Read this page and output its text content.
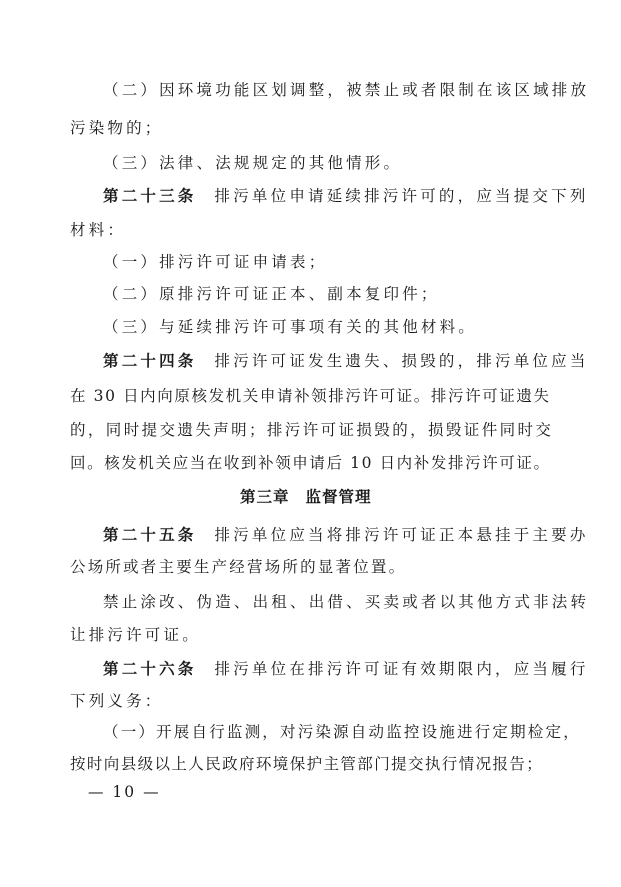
（二）因环境功能区划调整，被禁止或者限制在该区域排放
污染物的；
（三）法律、法规规定的其他情形。
第二十三条 排污单位申请延续排污许可的，应当提交下列
材料：
（一）排污许可证申请表；
（二）原排污许可证正本、副本复印件；
（三）与延续排污许可事项有关的其他材料。
第二十四条 排污许可证发生遗失、损毁的，排污单位应当
在 30 日内向原核发机关申请补领排污许可证。排污许可证遗失
的，同时提交遗失声明；排污许可证损毁的，损毁证件同时交
回。核发机关应当在收到补领申请后 10 日内补发排污许可证。
第三章 监督管理
第二十五条 排污单位应当将排污许可证正本悬挂于主要办
公场所或者主要生产经营场所的显著位置。
禁止涂改、伪造、出租、出借、买卖或者以其他方式非法转
让排污许可证。
第二十六条 排污单位在排污许可证有效期限内，应当履行
下列义务：
（一）开展自行监测，对污染源自动监控设施进行定期检定，
按时向县级以上人民政府环境保护主管部门提交执行情况报告；
— 10 —
